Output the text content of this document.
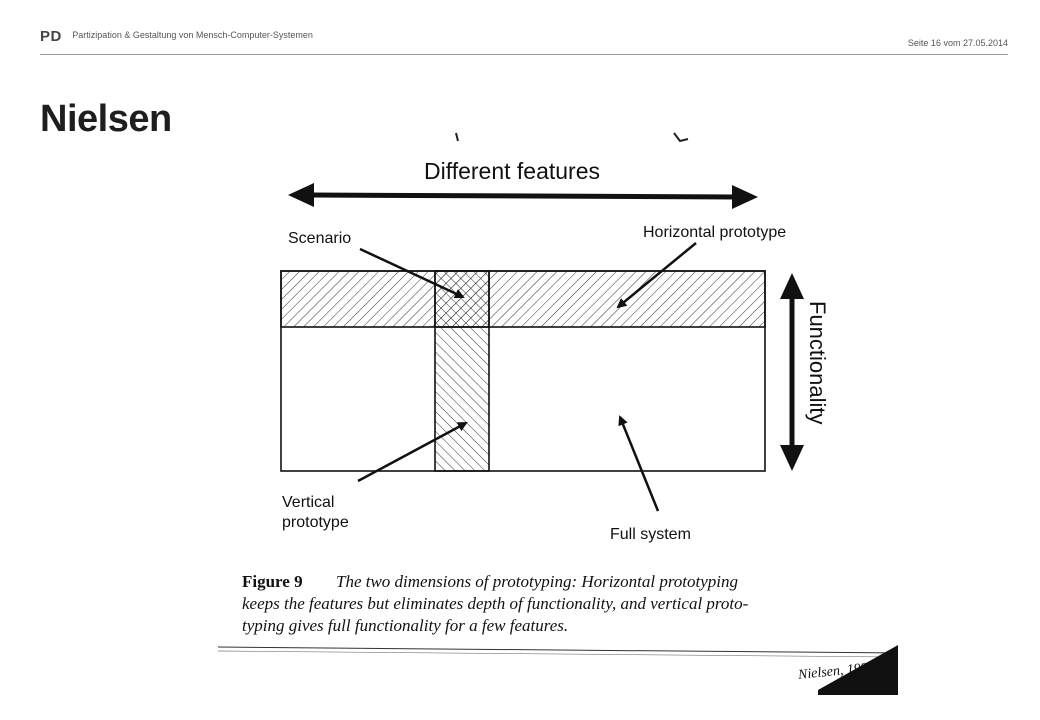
PD Partizipation & Gestaltung von Mensch-Computer-Systemen
Seite 16 vom 27.05.2014
Nielsen
Different features
Scenario	Horizontal prototype
Functionality
Vertical
prototype
Full system
Figure 9 The two dimensions of prototyping: Horizontal prototyping
keeps the features but eliminates depth of functionality, and vertical proto-
typing gives full functionality for a few features.
Nielsen, 1993
